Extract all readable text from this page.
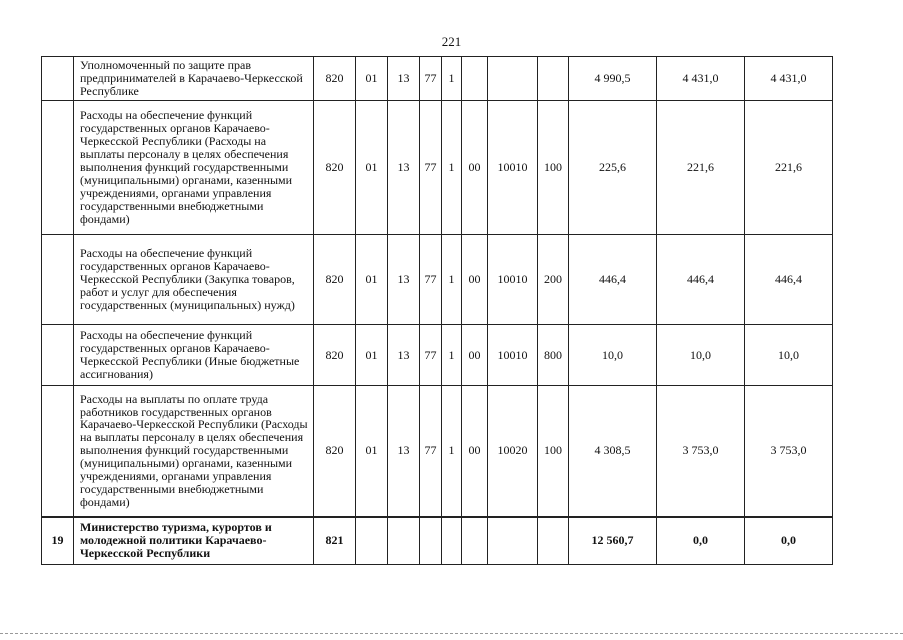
221
	Уполномоченный по защите прав предпринимателей в Карачаево-Черкесской Республике	820	01	13	77	1				4 990,5	4 431,0	4 431,0
	Расходы на обеспечение функций государственных органов Карачаево-Черкесской Республики (Расходы на выплаты персоналу в целях обеспечения выполнения функций государственными (муниципальными) органами, казенными учреждениями, органами управления государственными внебюджетными фондами)	820	01	13	77	1	00	10010	100	225,6	221,6	221,6
	Расходы на обеспечение функций государственных органов Карачаево-Черкесской Республики (Закупка товаров, работ и услуг для обеспечения государственных (муниципальных) нужд)	820	01	13	77	1	00	10010	200	446,4	446,4	446,4
	Расходы на обеспечение функций государственных органов Карачаево-Черкесской Республики (Иные бюджетные ассигнования)	820	01	13	77	1	00	10010	800	10,0	10,0	10,0
	Расходы на выплаты по оплате труда работников государственных органов Карачаево-Черкесской Республики (Расходы на выплаты персоналу в целях обеспечения выполнения функций государственными (муниципальными) органами, казенными учреждениями, органами управления государственными внебюджетными фондами)	820	01	13	77	1	00	10020	100	4 308,5	3 753,0	3 753,0
19	Министерство туризма, курортов и молодежной политики Карачаево-Черкесской Республики	821								12 560,7	0,0	0,0
